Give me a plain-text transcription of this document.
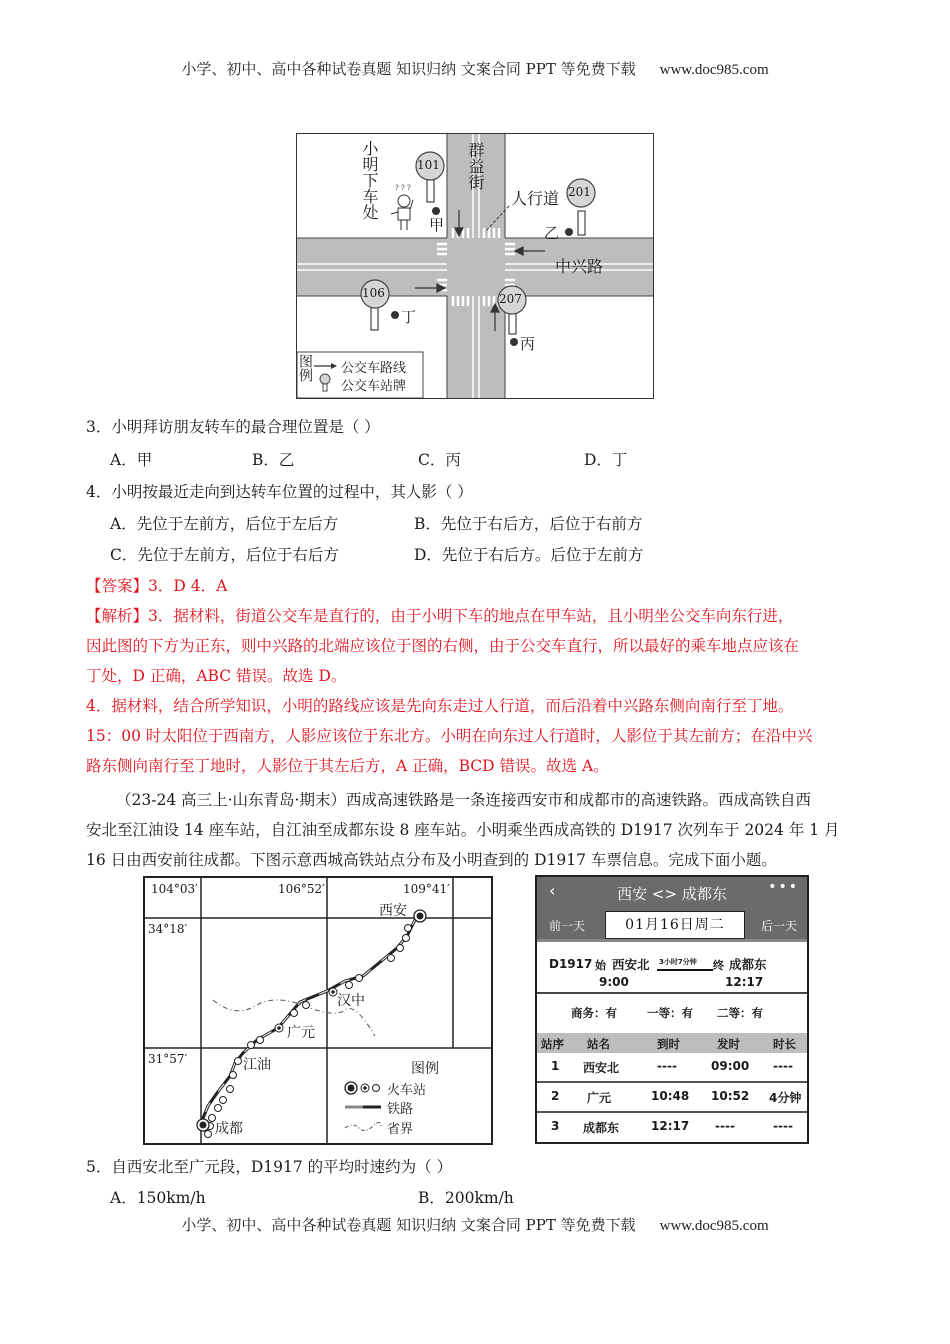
小学、初中、高中各种试卷真题 知识归纳 文案合同 PPT 等免费下载 www.doc985.com
? ? ?
小明下车处	群益街
中兴路
人行道
101
201
106	207
甲	乙
丁
丙
图例 公交车路线
公交车站牌
3．小明拜访朋友转车的最合理位置是（ ）
A．甲	B．乙	C．丙	D．丁
4．小明按最近走向到达转车位置的过程中，其人影（ ）
A．先位于左前方，后位于左后方	B．先位于右后方，后位于右前方
C．先位于左前方，后位于右后方	D．先位于右后方。后位于左前方
【答案】3．D 4．A
【解析】3．据材料，街道公交车是直行的，由于小明下车的地点在甲车站，且小明坐公交车向东行进，
因此图的下方为正东，则中兴路的北端应该位于图的右侧，由于公交车直行，所以最好的乘车地点应该在
丁处，D 正确，ABC 错误。故选 D。
4．据材料，结合所学知识，小明的路线应该是先向东走过人行道，而后沿着中兴路东侧向南行至丁地。
15：00 时太阳位于西南方，人影应该位于东北方。小明在向东过人行道时，人影位于其左前方；在沿中兴
路东侧向南行至丁地时，人影位于其左后方，A 正确，BCD 错误。故选 A。
（23-24 高三上·山东青岛·期末）西成高速铁路是一条连接西安市和成都市的高速铁路。西成高铁自西
安北至江油设 14 座车站，自江油至成都东设 8 座车站。小明乘坐西成高铁的 D1917 次列车于 2024 年 1 月
16 日由西安前往成都。下图示意西城高铁站点分布及小明查到的 D1917 车票信息。完成下面小题。
104°03′	106°52′	109°41′
34°18′
31°57′
西安
汉中
广元
江油
成都
图例
火车站
铁路
省界
‹	西安 <> 成都东	•••
前一天	01月16日周二	后一天
D1917 始 西安北 3小时7分钟 终 成都东
9:00	12:17
商务：有	一等：有 二等：有
站序 站名	到时	发时	时长
1 西安北	----	09:00 ----
2 广元	10:48 10:52 4分钟
3 成都东	12:17 ----	----
5．自西安北至广元段，D1917 的平均时速约为（ ）
A．150km/h	B．200km/h
小学、初中、高中各种试卷真题 知识归纳 文案合同 PPT 等免费下载 www.doc985.com
